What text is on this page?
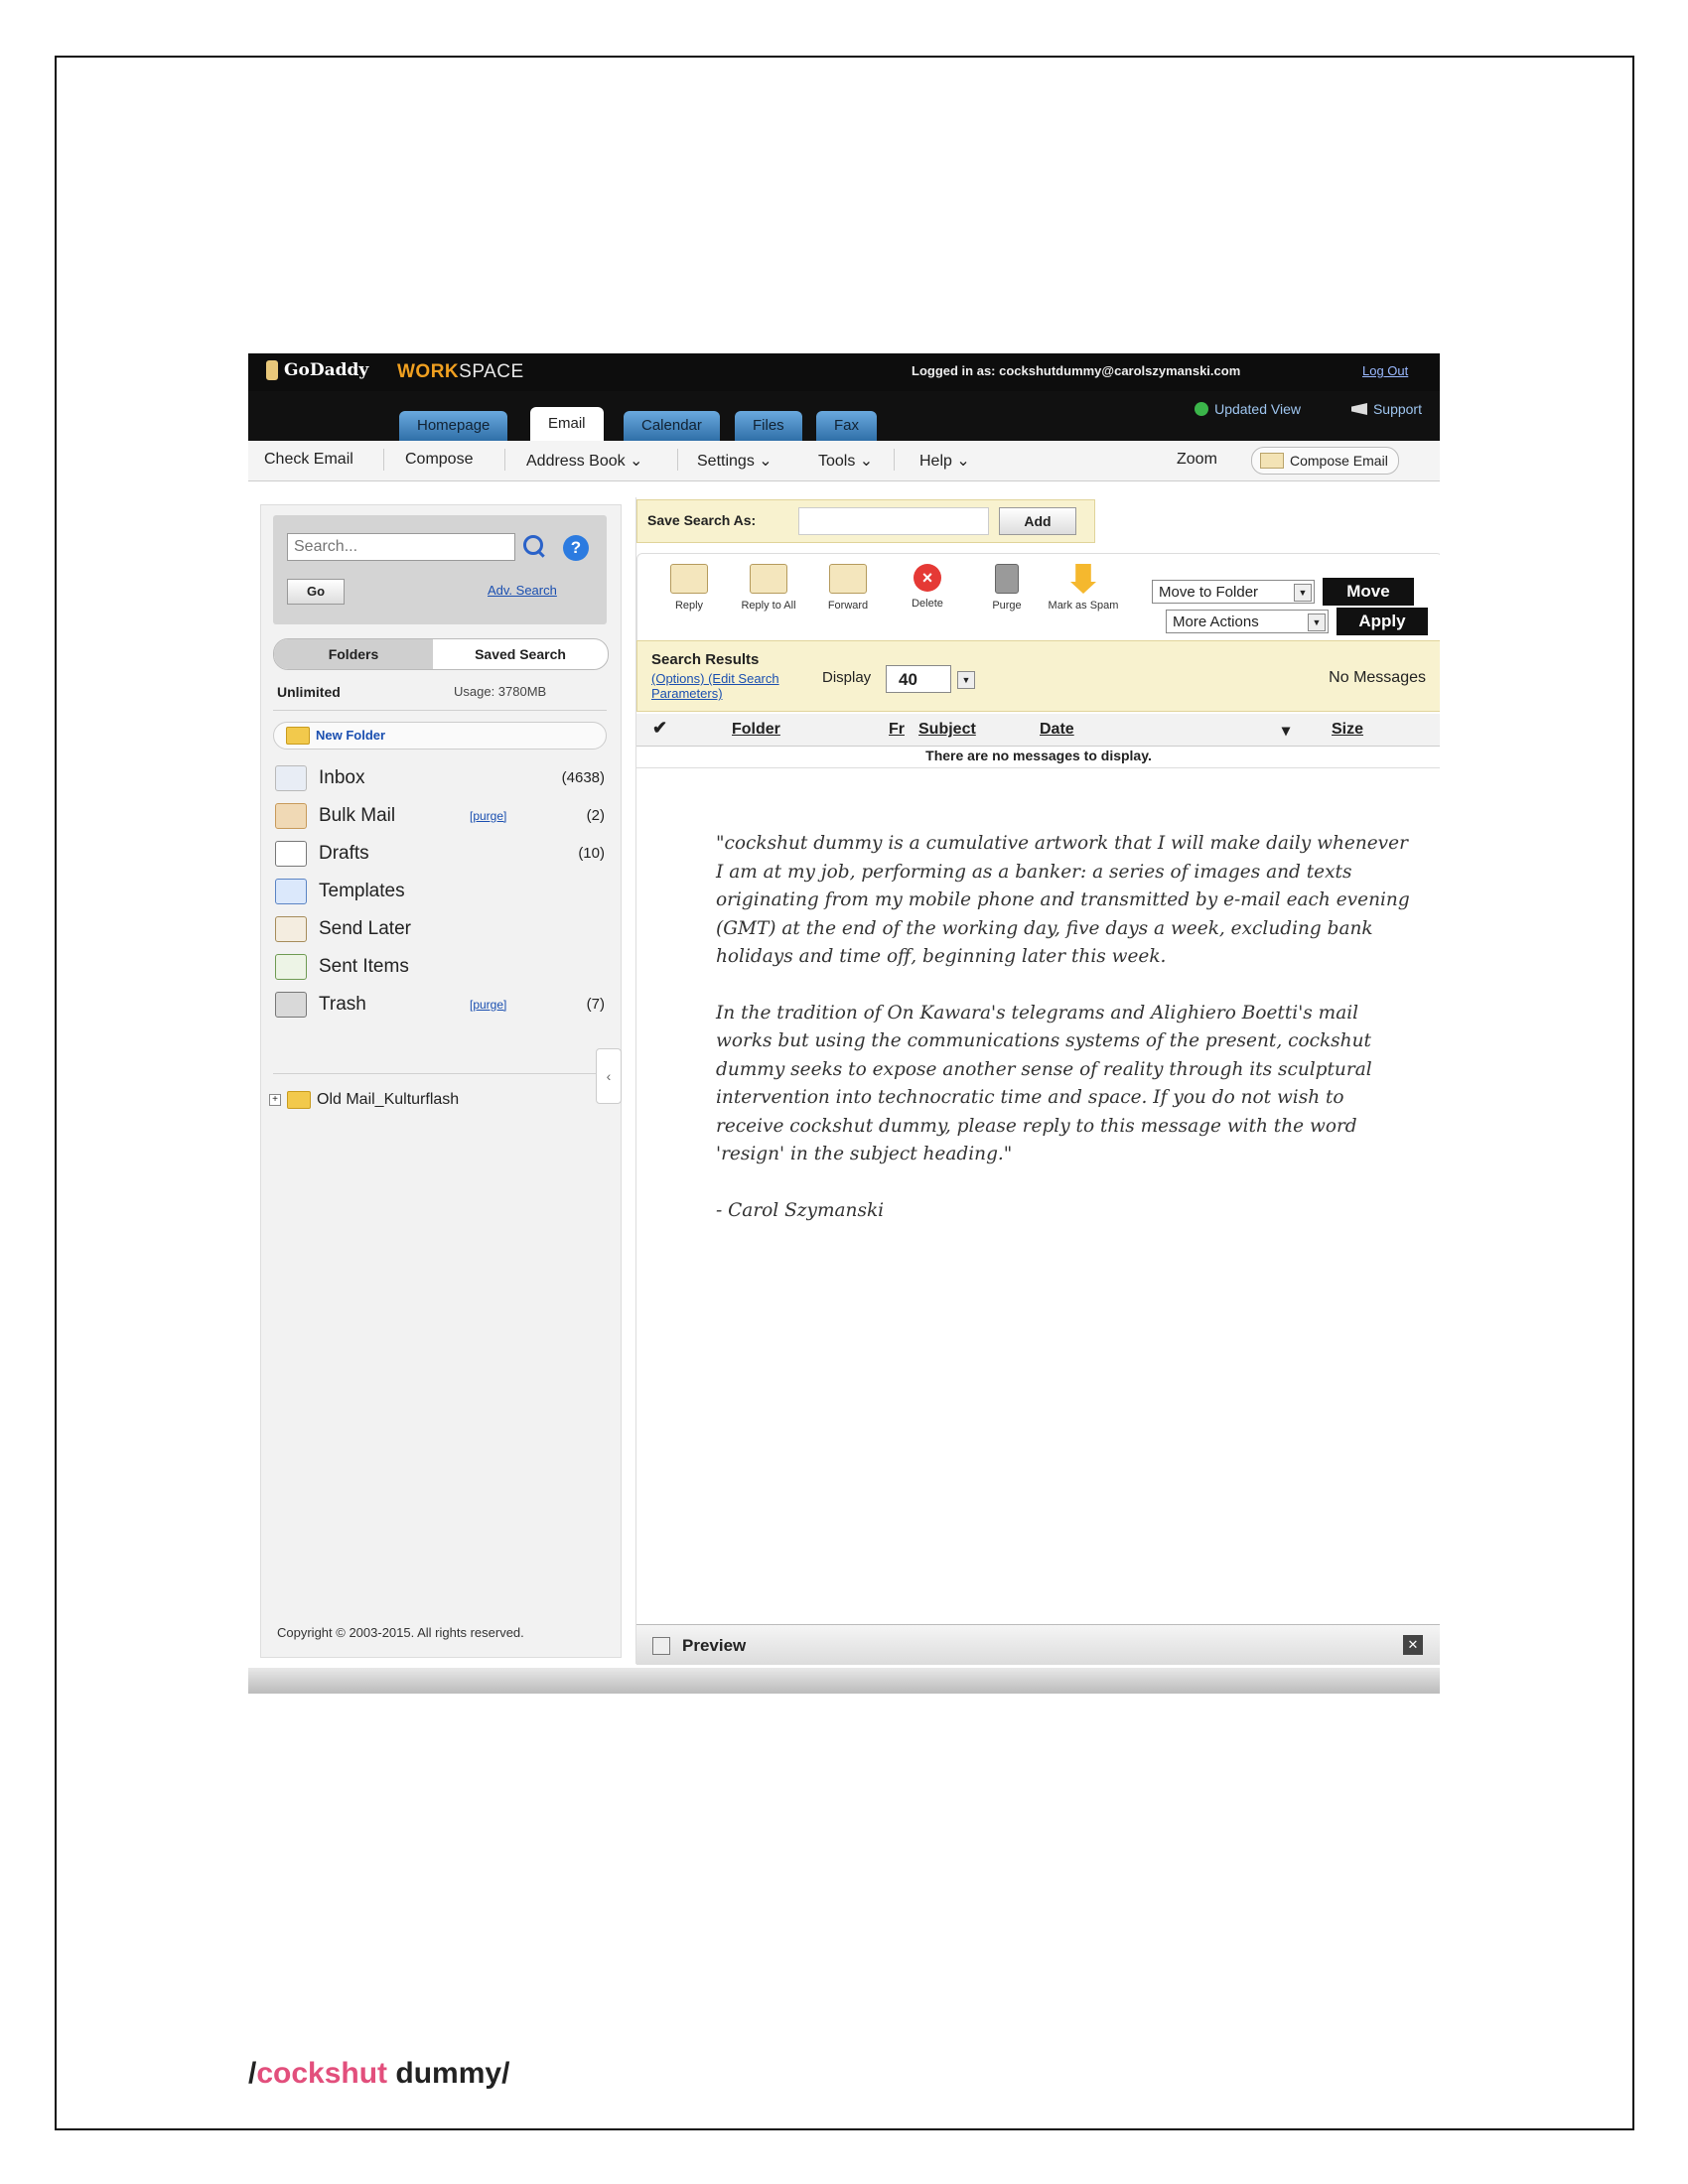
GoDaddy WORKSPACE	Logged in as: cockshutdummy@carolszymanski.com	Log Out
Homepage	Email	Calendar	Files	Fax
Updated View	Support
Check Email	Compose	Address Book ⌄	Settings ⌄	Tools ⌄	Help ⌄	Zoom	Compose Email
Search...
?
Go	Adv. Search
Folders	Saved Search
Unlimited	Usage: 3780MB
New Folder
Inbox	(4638)
Bulk Mail	[purge]	(2)
Drafts	(10)
Templates
Send Later
Sent Items
Trash	[purge]	(7)
+ Old Mail_Kulturflash
Copyright © 2003-2015. All rights reserved.
‹
Save Search As:	Add
Reply	Reply to All	Forward
×
Delete	Purge	Mark as Spam
Move to Folder	▼	Move
More Actions	▼	Apply
Search Results
(Options) (Edit Search Parameters)
Display	40	▼	No Messages
✔	Folder	Fr Subject	Date	▾	Size
There are no messages to display.

"cockshut dummy is a cumulative artwork that I will make daily whenever I am at my job, performing as a banker: a series of images and texts originating from my mobile phone and transmitted by e-mail each evening (GMT) at the end of the working day, five days a week, excluding bank holidays and time off, beginning later this week.

In the tradition of On Kawara's telegrams and Alighiero Boetti's mail works but using the communications systems of the present, cockshut dummy seeks to expose another sense of reality through its sculptural intervention into technocratic time and space. If you do not wish to receive cockshut dummy, please reply to this message with the word 'resign' in the subject heading."

- Carol Szymanski

Preview	✕
/cockshut dummy/
